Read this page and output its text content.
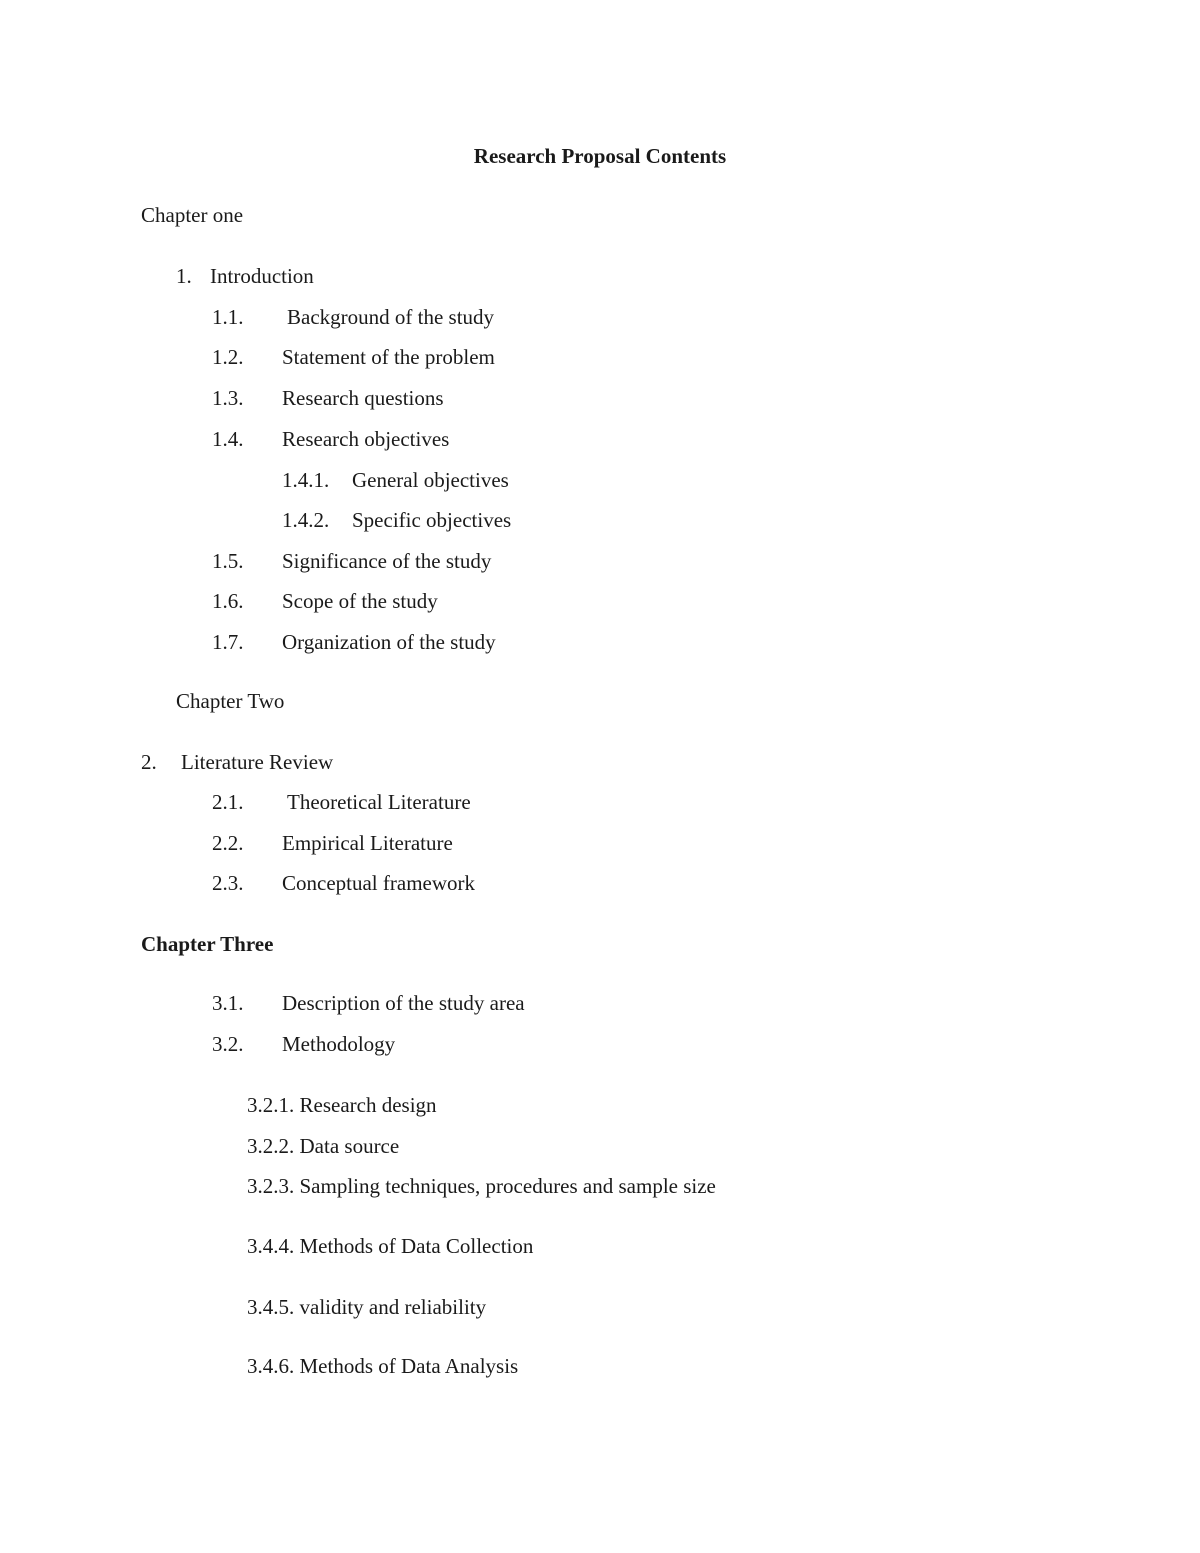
Research Proposal Contents
Chapter one
1. Introduction
1.1. Background of the study
1.2. Statement of the problem
1.3. Research questions
1.4. Research objectives
1.4.1. General objectives
1.4.2. Specific objectives
1.5. Significance of the study
1.6. Scope of the study
1.7. Organization of the study
Chapter Two
2. Literature Review
2.1. Theoretical Literature
2.2. Empirical Literature
2.3. Conceptual framework
Chapter Three
3.1. Description of the study area
3.2. Methodology
3.2.1. Research design
3.2.2. Data source
3.2.3. Sampling techniques, procedures and sample size
3.4.4. Methods of Data Collection
3.4.5. validity and reliability
3.4.6. Methods of Data Analysis
